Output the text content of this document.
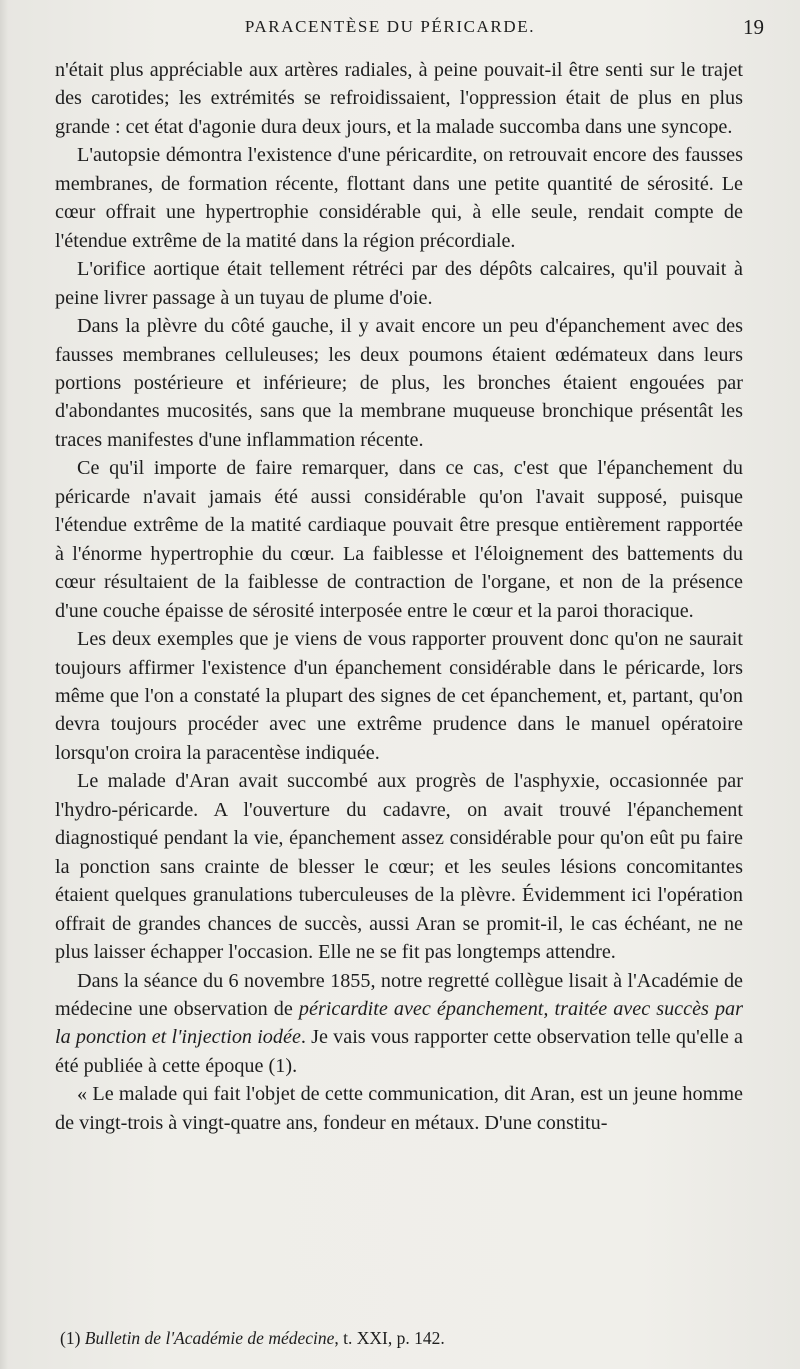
PARACENTÈSE DU PÉRICARDE.	19

n'était plus appréciable aux artères radiales, à peine pouvait-il être senti sur le trajet des carotides; les extrémités se refroidissaient, l'oppression était de plus en plus grande : cet état d'agonie dura deux jours, et la malade succomba dans une syncope.

L'autopsie démontra l'existence d'une péricardite, on retrouvait encore des fausses membranes, de formation récente, flottant dans une petite quantité de sérosité. Le cœur offrait une hypertrophie considérable qui, à elle seule, rendait compte de l'étendue extrême de la matité dans la région précordiale.

L'orifice aortique était tellement rétréci par des dépôts calcaires, qu'il pouvait à peine livrer passage à un tuyau de plume d'oie.

Dans la plèvre du côté gauche, il y avait encore un peu d'épanchement avec des fausses membranes celluleuses; les deux poumons étaient œdémateux dans leurs portions postérieure et inférieure; de plus, les bronches étaient engouées par d'abondantes mucosités, sans que la membrane muqueuse bronchique présentât les traces manifestes d'une inflammation récente.

Ce qu'il importe de faire remarquer, dans ce cas, c'est que l'épanchement du péricarde n'avait jamais été aussi considérable qu'on l'avait supposé, puisque l'étendue extrême de la matité cardiaque pouvait être presque entièrement rapportée à l'énorme hypertrophie du cœur. La faiblesse et l'éloignement des battements du cœur résultaient de la faiblesse de contraction de l'organe, et non de la présence d'une couche épaisse de sérosité interposée entre le cœur et la paroi thoracique.

Les deux exemples que je viens de vous rapporter prouvent donc qu'on ne saurait toujours affirmer l'existence d'un épanchement considérable dans le péricarde, lors même que l'on a constaté la plupart des signes de cet épanchement, et, partant, qu'on devra toujours procéder avec une extrême prudence dans le manuel opératoire lorsqu'on croira la paracentèse indiquée.

Le malade d'Aran avait succombé aux progrès de l'asphyxie, occasionnée par l'hydro-péricarde. A l'ouverture du cadavre, on avait trouvé l'épanchement diagnostiqué pendant la vie, épanchement assez considérable pour qu'on eût pu faire la ponction sans crainte de blesser le cœur; et les seules lésions concomitantes étaient quelques granulations tuberculeuses de la plèvre. Évidemment ici l'opération offrait de grandes chances de succès, aussi Aran se promit-il, le cas échéant, ne ne plus laisser échapper l'occasion. Elle ne se fit pas longtemps attendre.

Dans la séance du 6 novembre 1855, notre regretté collègue lisait à l'Académie de médecine une observation de péricardite avec épanchement, traitée avec succès par la ponction et l'injection iodée. Je vais vous rapporter cette observation telle qu'elle a été publiée à cette époque (1).

« Le malade qui fait l'objet de cette communication, dit Aran, est un jeune homme de vingt-trois à vingt-quatre ans, fondeur en métaux. D'une constitu-

(1) Bulletin de l'Académie de médecine, t. XXI, p. 142.
